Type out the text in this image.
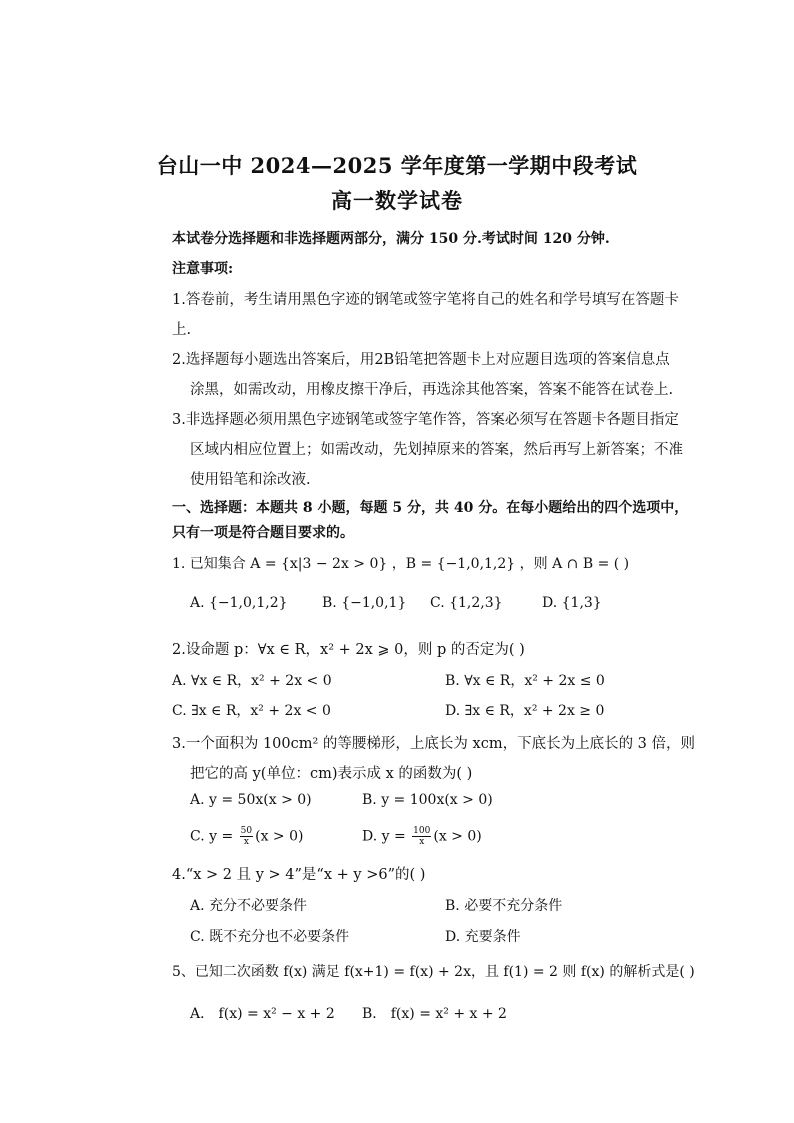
台山一中 2024—2025 学年度第一学期中段考试
高一数学试卷
本试卷分选择题和非选择题两部分，满分 150 分.考试时间 120 分钟.
注意事项:
1.答卷前，考生请用黑色字迹的钢笔或签字笔将自己的姓名和学号填写在答题卡
上.
2.选择题每小题选出答案后，用2B铅笔把答题卡上对应题目选项的答案信息点
涂黑，如需改动，用橡皮擦干净后，再选涂其他答案，答案不能答在试卷上.
3.非选择题必须用黑色字迹钢笔或签字笔作答，答案必须写在答题卡各题目指定
区域内相应位置上；如需改动，先划掉原来的答案，然后再写上新答案；不准
使用铅笔和涂改液.
一、选择题：本题共 8 小题，每题 5 分，共 40 分。在每小题给出的四个选项中，
只有一项是符合题目要求的。
1. 已知集合 A = {x|3 − 2x > 0} ，B = {−1,0,1,2} ，则 A ∩ B = ( )
A. {−1,0,1,2} B. {−1,0,1} C. {1,2,3}	D. {1,3}
2.设命题 p：∀x ∈ R，x² + 2x ⩾ 0，则 p 的否定为( )
A. ∀x ∈ R，x² + 2x < 0	B. ∀x ∈ R，x² + 2x ≤ 0
C. ∃x ∈ R，x² + 2x < 0	D. ∃x ∈ R，x² + 2x ≥ 0
3.一个面积为 100cm² 的等腰梯形，上底长为 xcm，下底长为上底长的 3 倍，则
把它的高 y(单位：cm)表示成 x 的函数为( )
A. y = 50x(x > 0)	B. y = 100x(x > 0)
C. $y = \frac{50}{x} (x > 0)$	D. $y = \frac{100}{x} (x > 0)$
4.“x > 2 且 y > 4”是“x + y >6”的( )
A. 充分不必要条件	B. 必要不充分条件
C. 既不充分也不必要条件	D. 充要条件
5、已知二次函数 f(x) 满足 f(x+1) = f(x) + 2x，且 f(1) = 2 则 f(x) 的解析式是( )
A． f(x) = x² − x + 2 B． f(x) = x² + x + 2
